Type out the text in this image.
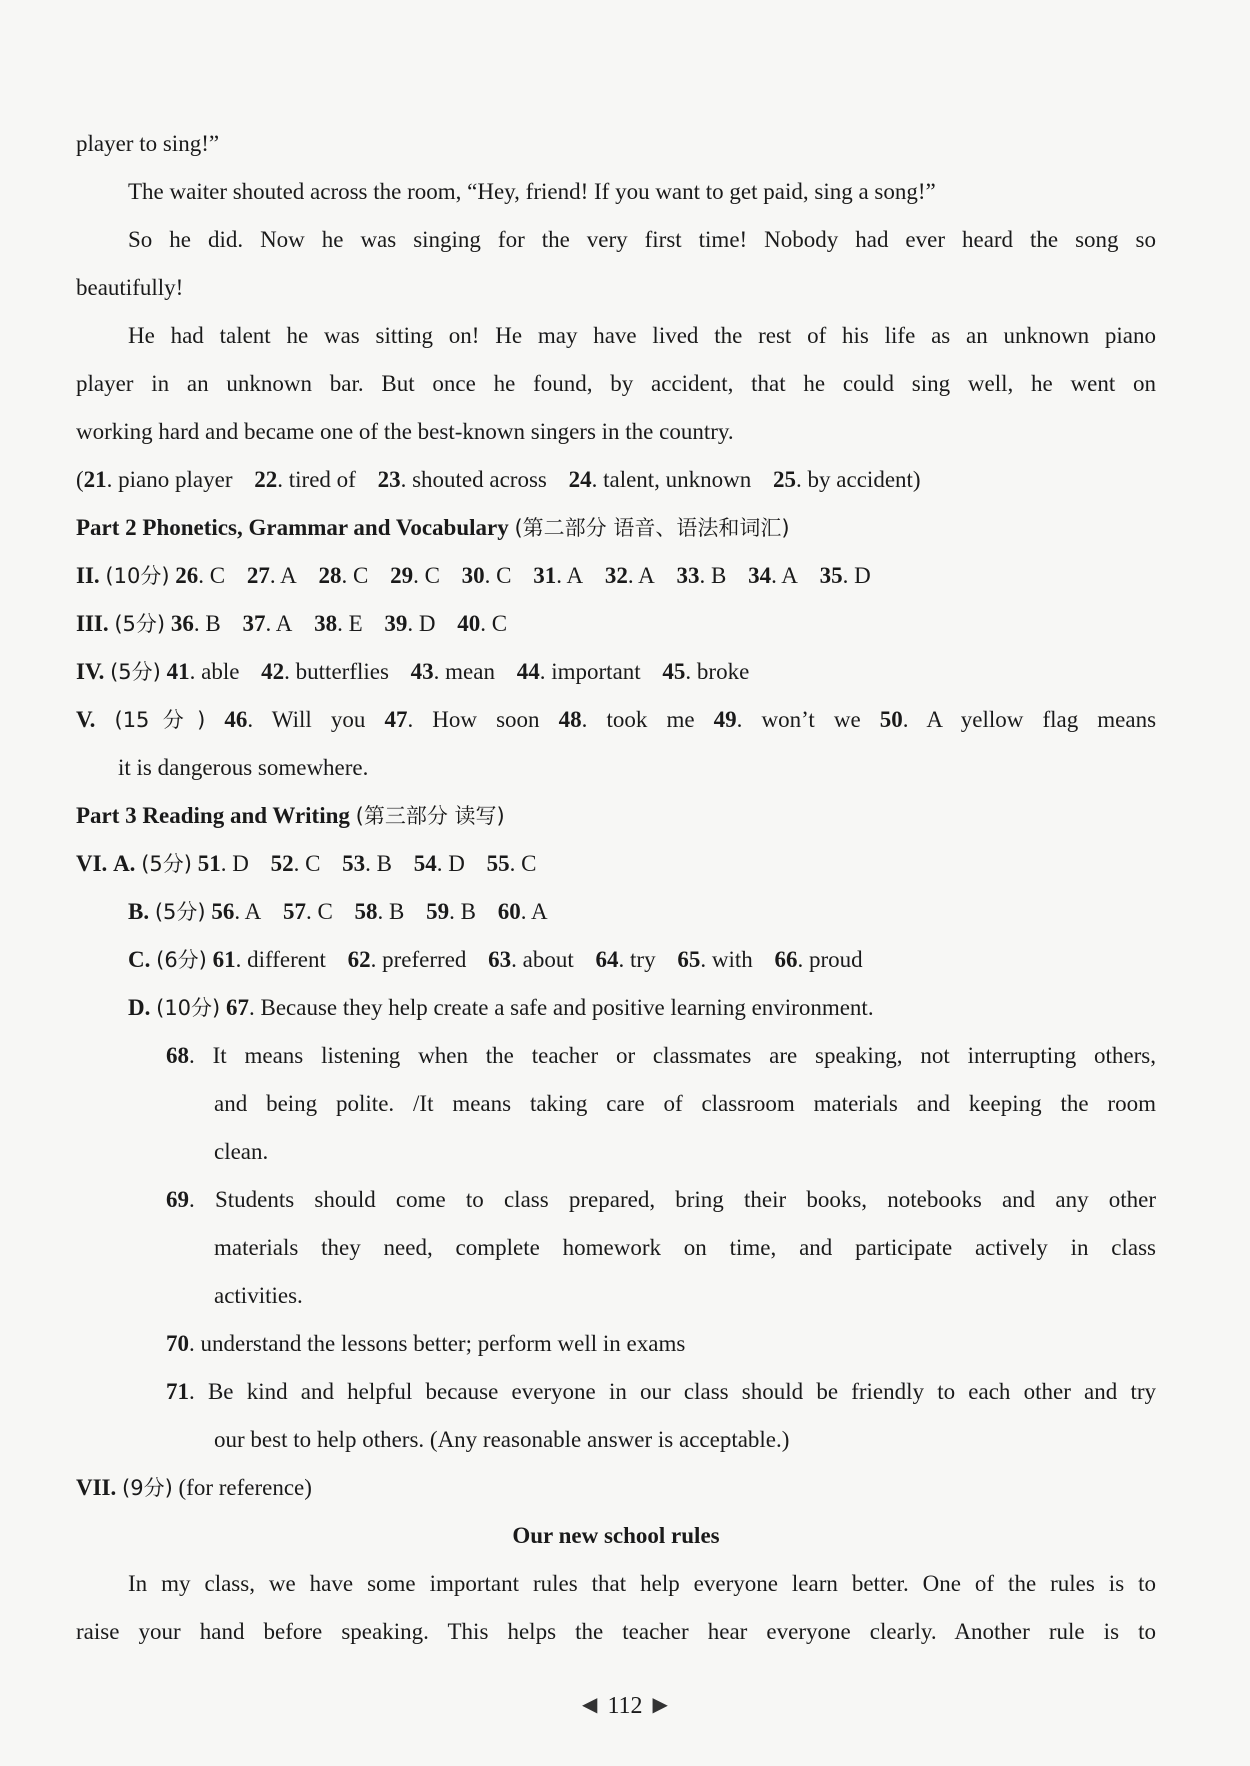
player to sing!”
The waiter shouted across the room, “Hey, friend! If you want to get paid, sing a song!”
So he did. Now he was singing for the very first time! Nobody had ever heard the song so
beautifully!
He had talent he was sitting on! He may have lived the rest of his life as an unknown piano
player in an unknown bar. But once he found, by accident, that he could sing well, he went on
working hard and became one of the best-known singers in the country.
(21. piano player 22. tired of 23. shouted across 24. talent, unknown 25. by accident)
Part 2 Phonetics, Grammar and Vocabulary (第二部分 语音、语法和词汇)
II. (10分) 26. C 27. A 28. C 29. C 30. C 31. A 32. A 33. B 34. A 35. D
III. (5分) 36. B 37. A 38. E 39. D 40. C
IV. (5分) 41. able 42. butterflies 43. mean 44. important 45. broke
V. (15分) 46. Will you 47. How soon 48. took me 49. won’t we 50. A yellow flag means
it is dangerous somewhere.
Part 3 Reading and Writing (第三部分 读写)
VI. A. (5分) 51. D 52. C 53. B 54. D 55. C
B. (5分) 56. A 57. C 58. B 59. B 60. A
C. (6分) 61. different 62. preferred 63. about 64. try 65. with 66. proud
D. (10分) 67. Because they help create a safe and positive learning environment.
68. It means listening when the teacher or classmates are speaking, not interrupting others,
and being polite. /It means taking care of classroom materials and keeping the room
clean.
69. Students should come to class prepared, bring their books, notebooks and any other
materials they need, complete homework on time, and participate actively in class
activities.
70. understand the lessons better; perform well in exams
71. Be kind and helpful because everyone in our class should be friendly to each other and try
our best to help others. (Any reasonable answer is acceptable.)
VII. (9分) (for reference)
Our new school rules
In my class, we have some important rules that help everyone learn better. One of the rules is to
raise your hand before speaking. This helps the teacher hear everyone clearly. Another rule is to
◀ 112 ▶
